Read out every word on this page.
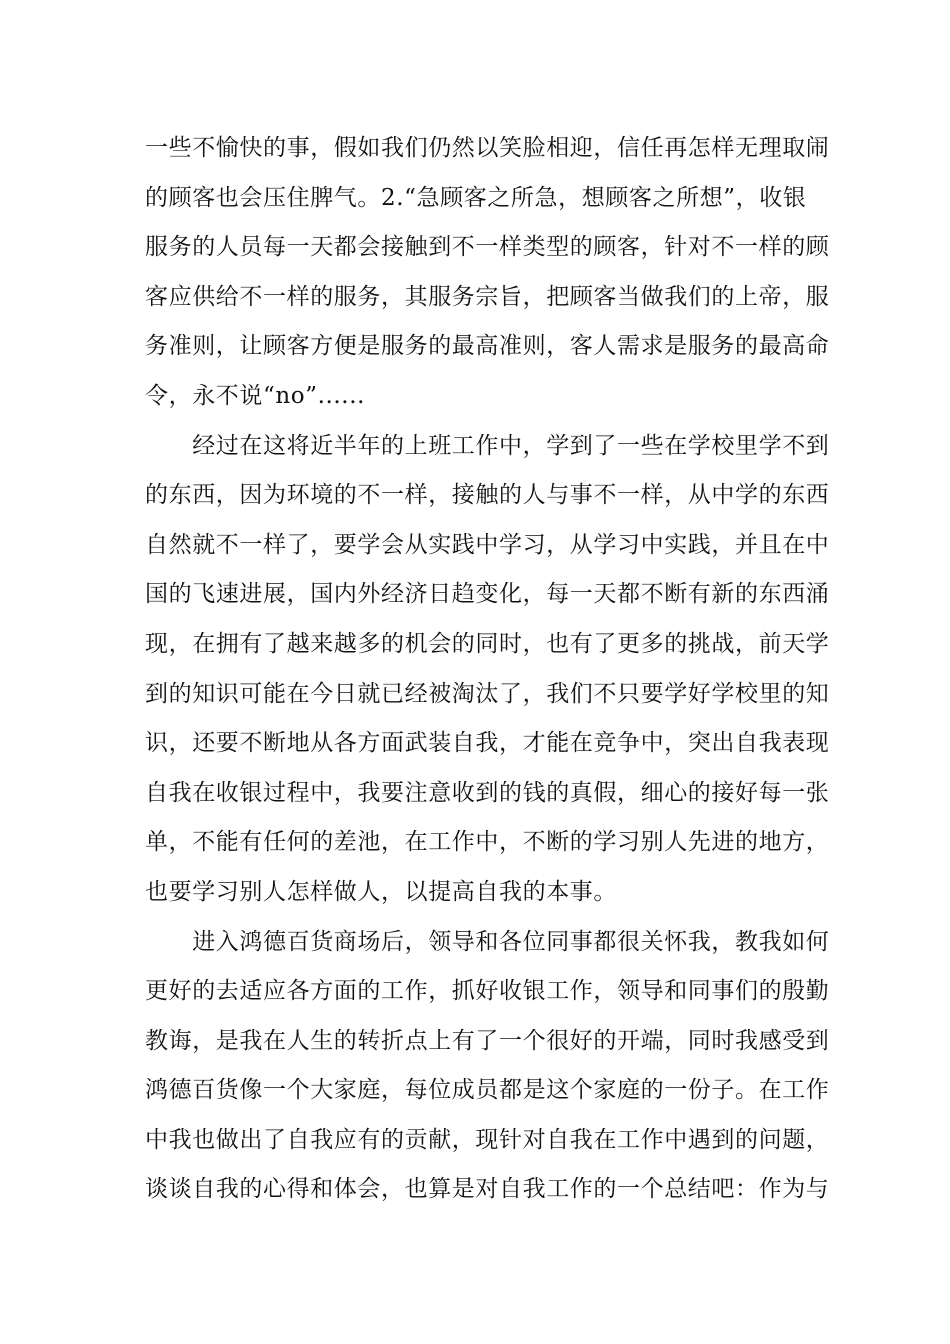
一些不愉快的事，假如我们仍然以笑脸相迎，信任再怎样无理取闹
的顾客也会压住脾气。2.“急顾客之所急，想顾客之所想”，收银
服务的人员每一天都会接触到不一样类型的顾客，针对不一样的顾
客应供给不一样的服务，其服务宗旨，把顾客当做我们的上帝，服
务准则，让顾客方便是服务的最高准则，客人需求是服务的最高命
令，永不说“no”......
　　经过在这将近半年的上班工作中，学到了一些在学校里学不到
的东西，因为环境的不一样，接触的人与事不一样，从中学的东西
自然就不一样了，要学会从实践中学习，从学习中实践，并且在中
国的飞速进展，国内外经济日趋变化，每一天都不断有新的东西涌
现，在拥有了越来越多的机会的同时，也有了更多的挑战，前天学
到的知识可能在今日就已经被淘汰了，我们不只要学好学校里的知
识，还要不断地从各方面武装自我，才能在竞争中，突出自我表现
自我在收银过程中，我要注意收到的钱的真假，细心的接好每一张
单，不能有任何的差池，在工作中，不断的学习别人先进的地方，
也要学习别人怎样做人，以提高自我的本事。
　　进入鸿德百货商场后，领导和各位同事都很关怀我，教我如何
更好的去适应各方面的工作，抓好收银工作，领导和同事们的殷勤
教诲，是我在人生的转折点上有了一个很好的开端，同时我感受到
鸿德百货像一个大家庭，每位成员都是这个家庭的一份子。在工作
中我也做出了自我应有的贡献，现针对自我在工作中遇到的问题，
谈谈自我的心得和体会，也算是对自我工作的一个总结吧：作为与
